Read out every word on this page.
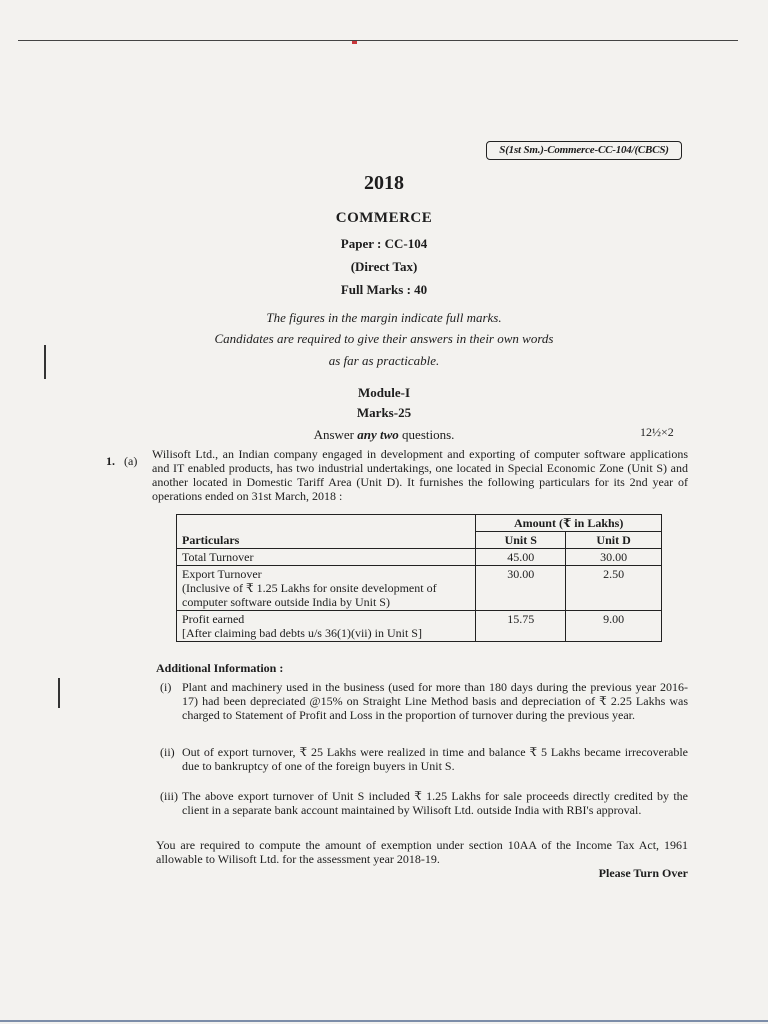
S(1st Sm.)-Commerce-CC-104/(CBCS)
2018
COMMERCE
Paper : CC-104
(Direct Tax)
Full Marks : 40
The figures in the margin indicate full marks.
Candidates are required to give their answers in their own words
as far as practicable.
Module-I
Marks-25
Answer any two questions.	12½×2
1. (a) Wilisoft Ltd., an Indian company engaged in development and exporting of computer software applications and IT enabled products, has two industrial undertakings, one located in Special Economic Zone (Unit S) and another located in Domestic Tariff Area (Unit D). It furnishes the following particulars for its 2nd year of operations ended on 31st March, 2018 :
Particulars	Amount (₹ in Lakhs)	
	Unit S	Unit D
Total Turnover	45.00	30.00

Export Turnover
(Inclusive of ₹ 1.25 Lakhs for onsite development of computer software outside India by Unit S)	30.00	2.50

Profit earned
[After claiming bad debts u/s 36(1)(vii) in Unit S]	15.75	9.00
Additional Information :
(i) Plant and machinery used in the business (used for more than 180 days during the previous year 2016-17) had been depreciated @15% on Straight Line Method basis and depreciation of ₹ 2.25 Lakhs was charged to Statement of Profit and Loss in the proportion of turnover during the previous year.
(ii) Out of export turnover, ₹ 25 Lakhs were realized in time and balance ₹ 5 Lakhs became irrecoverable due to bankruptcy of one of the foreign buyers in Unit S.
(iii) The above export turnover of Unit S included ₹ 1.25 Lakhs for sale proceeds directly credited by the client in a separate bank account maintained by Wilisoft Ltd. outside India with RBI's approval.
You are required to compute the amount of exemption under section 10AA of the Income Tax Act, 1961 allowable to Wilisoft Ltd. for the assessment year 2018-19.
Please Turn Over
